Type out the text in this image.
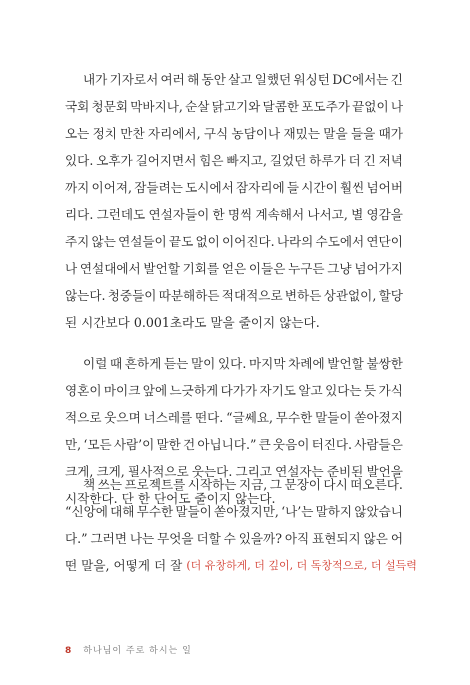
내가 기자로서 여러 해 동안 살고 일했던 워싱턴 DC에서는 긴
국회 청문회 막바지나, 순살 닭고기와 달콤한 포도주가 끝없이 나
오는 정치 만찬 자리에서, 구식 농담이나 재밌는 말을 들을 때가
있다. 오후가 길어지면서 힘은 빠지고, 길었던 하루가 더 긴 저녁
까지 이어져, 잠들려는 도시에서 잠자리에 들 시간이 훨씬 넘어버
리다. 그런데도 연설자들이 한 명씩 계속해서 나서고, 별 영감을
주지 않는 연설들이 끝도 없이 이어진다. 나라의 수도에서 연단이
나 연설대에서 발언할 기회를 얻은 이들은 누구든 그냥 넘어가지
않는다. 청중들이 따분해하든 적대적으로 변하든 상관없이, 할당
된 시간보다 0.001초라도 말을 줄이지 않는다.
이럴 때 흔하게 듣는 말이 있다. 마지막 차례에 발언할 불쌍한
영혼이 마이크 앞에 느긋하게 다가가 자기도 알고 있다는 듯 가식
적으로 웃으며 너스레를 떤다. “글쎄요, 무수한 말들이 쏟아졌지
만, ‘모든 사람’이 말한 건 아닙니다.” 큰 웃음이 터진다. 사람들은
크게, 크게, 필사적으로 웃는다. 그리고 연설자는 준비된 발언을
시작한다. 단 한 단어도 줄이지 않는다.
책 쓰는 프로젝트를 시작하는 지금, 그 문장이 다시 떠오른다.
“신앙에 대해 무수한 말들이 쏟아졌지만, ‘나’는 말하지 않았습니
다.” 그러면 나는 무엇을 더할 수 있을까? 아직 표현되지 않은 어
떤 말을, 어떻게 더 잘
(더 유창하게, 더 깊이, 더 독창적으로, 더 설득력
8 하나님이 주로 하시는 일
